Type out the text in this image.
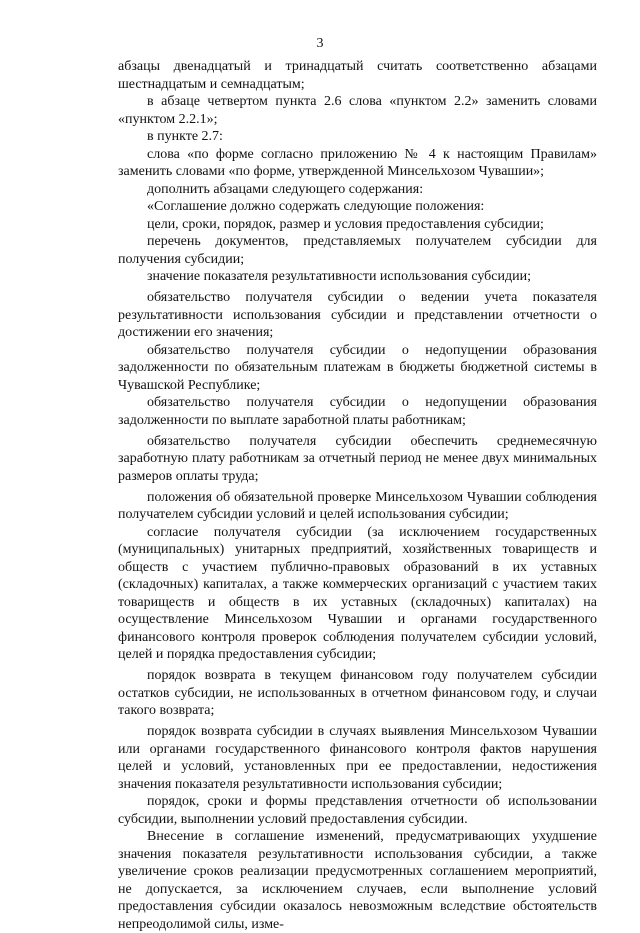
3

абзацы двенадцатый и тринадцатый считать соответственно абзацами шестнадцатым и семнадцатым;

в абзаце четвертом пункта 2.6 слова «пунктом 2.2» заменить словами «пунктом 2.2.1»;

в пункте 2.7:

слова «по форме согласно приложению № 4 к настоящим Правилам» заменить словами «по форме, утвержденной Минсельхозом Чувашии»;

дополнить абзацами следующего содержания:

«Соглашение должно содержать следующие положения:

цели, сроки, порядок, размер и условия предоставления субсидии;

перечень документов, представляемых получателем субсидии для получения субсидии;

значение показателя результативности использования субсидии;

обязательство получателя субсидии о ведении учета показателя результативности использования субсидии и представлении отчетности о достижении его значения;

обязательство получателя субсидии о недопущении образования задолженности по обязательным платежам в бюджеты бюджетной системы в Чувашской Республике;

обязательство получателя субсидии о недопущении образования задолженности по выплате заработной платы работникам;

обязательство получателя субсидии обеспечить среднемесячную заработную плату работникам за отчетный период не менее двух минимальных размеров оплаты труда;

положения об обязательной проверке Минсельхозом Чувашии соблюдения получателем субсидии условий и целей использования субсидии;

согласие получателя субсидии (за исключением государственных (муниципальных) унитарных предприятий, хозяйственных товариществ и обществ с участием публично-правовых образований в их уставных (складочных) капиталах, а также коммерческих организаций с участием таких товариществ и обществ в их уставных (складочных) капиталах) на осуществление Минсельхозом Чувашии и органами государственного финансового контроля проверок соблюдения получателем субсидии условий, целей и порядка предоставления субсидии;

порядок возврата в текущем финансовом году получателем субсидии остатков субсидии, не использованных в отчетном финансовом году, и случаи такого возврата;

порядок возврата субсидии в случаях выявления Минсельхозом Чувашии или органами государственного финансового контроля фактов нарушения целей и условий, установленных при ее предоставлении, недостижения значения показателя результативности использования субсидии;

порядок, сроки и формы представления отчетности об использовании субсидии, выполнении условий предоставления субсидии.

Внесение в соглашение изменений, предусматривающих ухудшение значения показателя результативности использования субсидии, а также увеличение сроков реализации предусмотренных соглашением мероприятий, не допускается, за исключением случаев, если выполнение условий предоставления субсидии оказалось невозможным вследствие обстоятельств непреодолимой силы, изме-
